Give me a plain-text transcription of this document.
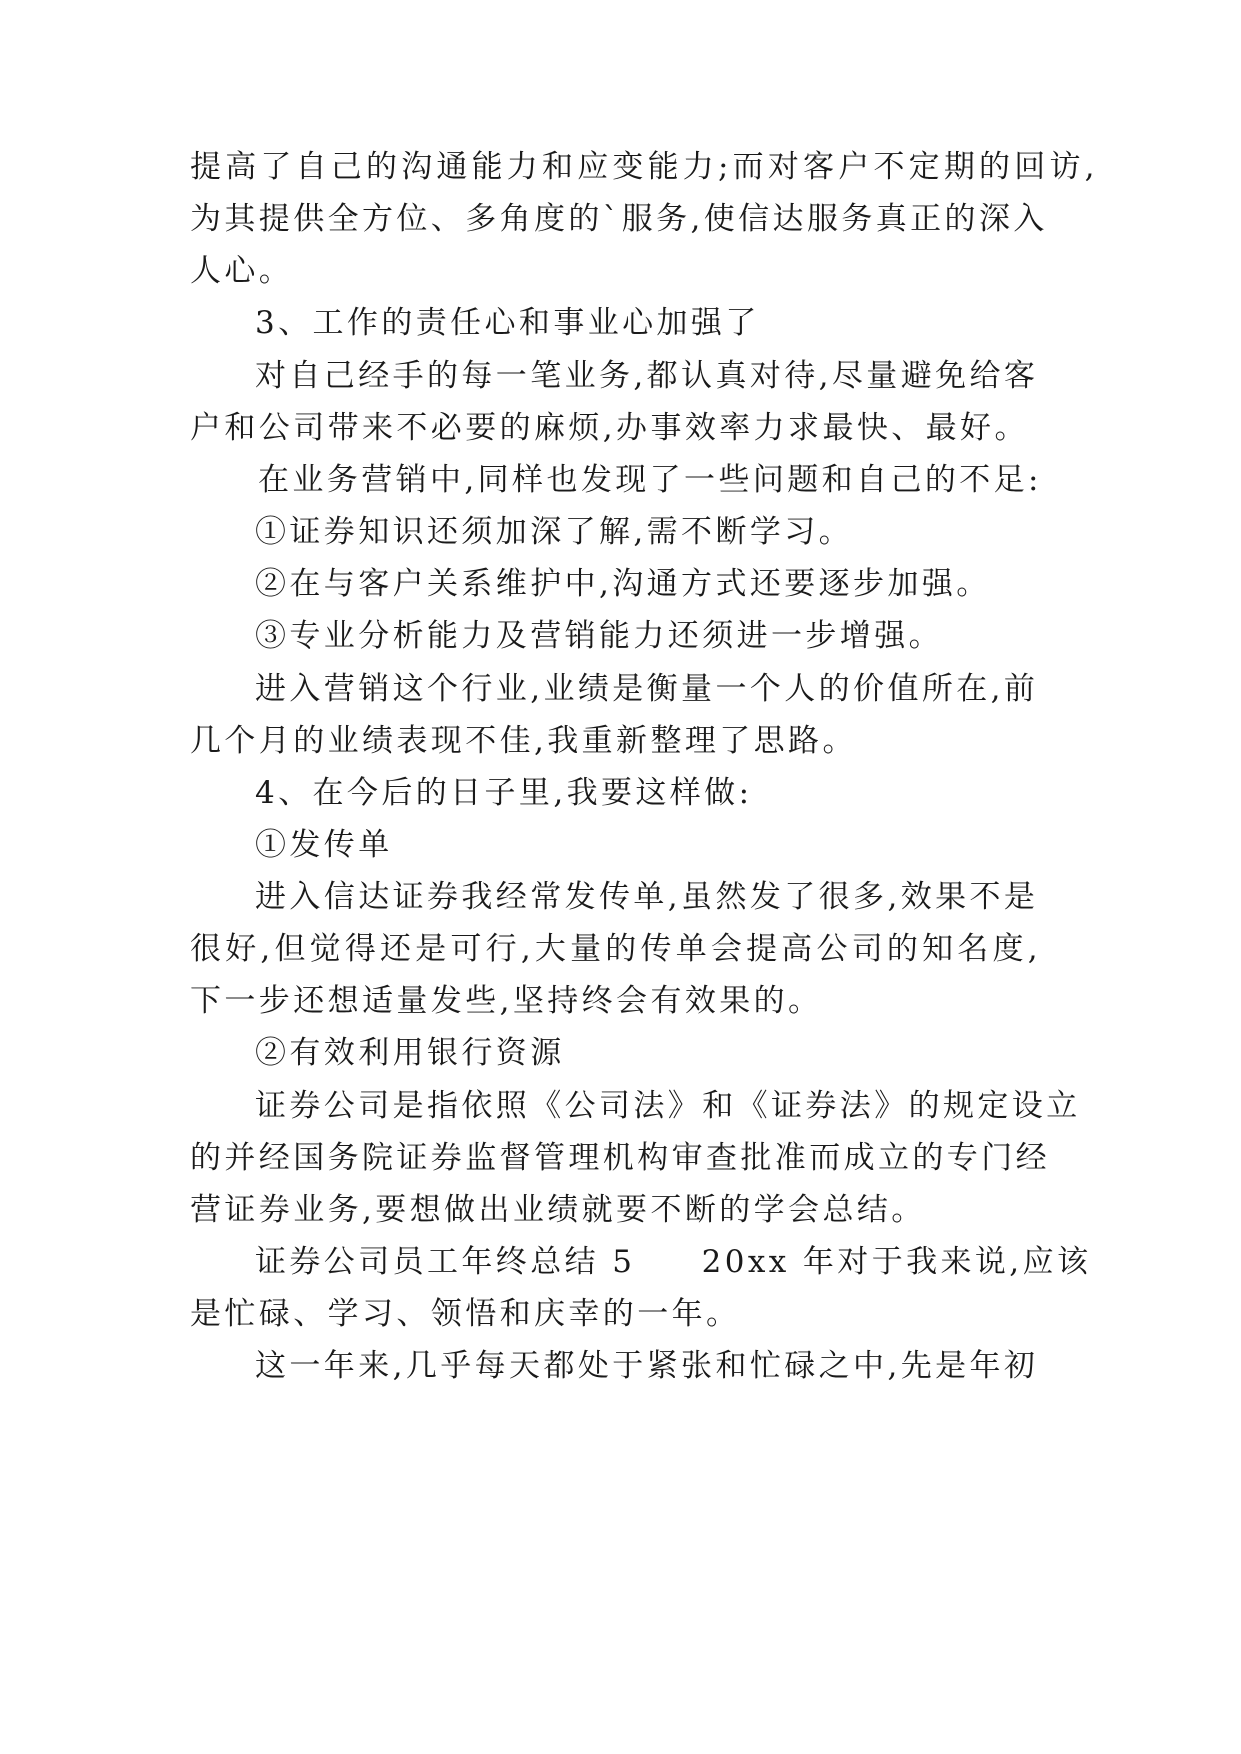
提高了自己的沟通能力和应变能力;而对客户不定期的回访,
为其提供全方位、多角度的`服务,使信达服务真正的深入
人心。
3、工作的责任心和事业心加强了
对自己经手的每一笔业务,都认真对待,尽量避免给客
户和公司带来不必要的麻烦,办事效率力求最快、最好。
在业务营销中,同样也发现了一些问题和自己的不足:
①证券知识还须加深了解,需不断学习。
②在与客户关系维护中,沟通方式还要逐步加强。
③专业分析能力及营销能力还须进一步增强。
进入营销这个行业,业绩是衡量一个人的价值所在,前
几个月的业绩表现不佳,我重新整理了思路。
4、在今后的日子里,我要这样做:
①发传单
进入信达证券我经常发传单,虽然发了很多,效果不是
很好,但觉得还是可行,大量的传单会提高公司的知名度,
下一步还想适量发些,坚持终会有效果的。
②有效利用银行资源
证券公司是指依照《公司法》和《证券法》的规定设立
的并经国务院证券监督管理机构审查批准而成立的专门经
营证券业务,要想做出业绩就要不断的学会总结。
证券公司员工年终总结 5     20xx 年对于我来说,应该
是忙碌、学习、领悟和庆幸的一年。
这一年来,几乎每天都处于紧张和忙碌之中,先是年初
